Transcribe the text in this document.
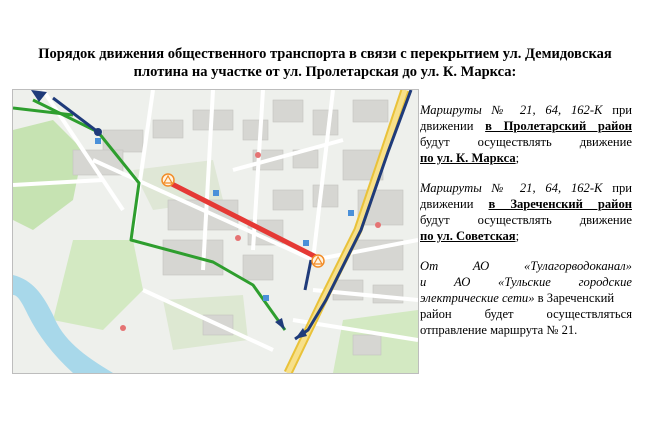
Порядок движения общественного транспорта в связи с перекрытием ул. Демидовская
плотина на участке от ул. Пролетарская до ул. К. Маркса:
Маршруты № 21, 64, 162-К при
движении в Пролетарский район
будут осуществлять движение
по ул. К. Маркса;
Маршруты № 21, 64, 162-К при
движении в Зареченский район
будут осуществлять движение
по ул. Советская;
От АО	«Тулагорводоканал»
и АО «Тульские городские
электрические сети» в Зареченский
район будет осуществляться
отправление маршрута № 21.
